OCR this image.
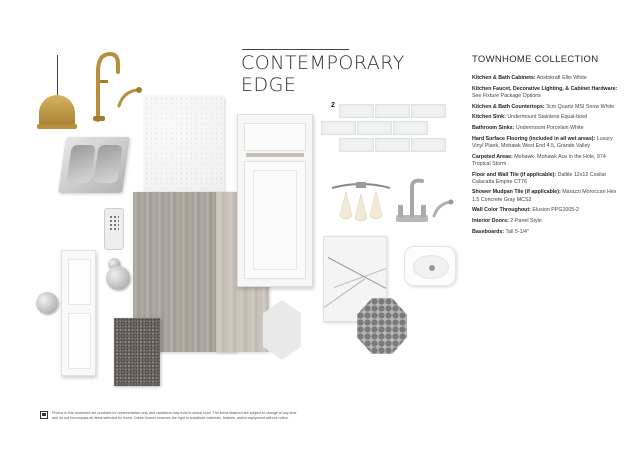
CONTEMPORARY
EDGE
2
TOWNHOME COLLECTION
Kitchen & Bath Cabinets: Aristokraft Ellis White
Kitchen Faucet, Decorative Lighting, & Cabinet Hardware: See Fixture Package Options
Kitchen & Bath Countertops: 3cm Quartz MSI Snow White
Kitchen Sink: Undermount Stainless Equal-bowl
Bathroom Sinks: Undermount Porcelain White
Hard Surface Flooring (included in all wet areas): Luxury Vinyl Plank, Mohawk West End 4.5, Grande Valley
Carpeted Areas: Mohawk- Mohawk Ace in the Hole, 974 Tropical Storm
Floor and Wall Tile (if applicable): Daltile 12x12 Cosilar Calacatta Empire CT76
Shower Mudpan Tile (if applicable): Marazzi Moroccan Hex 1.5 Concrete Gray MCS2
Wall Color Throughout: Elusion PPG1005-2
Interior Doors: 2-Panel Style
Baseboards: Tall 5-1/4"
Photos in this document are provided for representation only and variations may exist in actual color. The items featured are subject to change at any time and do not encompass all items selected for home. Drees Homes reserves the right to substitute materials, finishes, and/or equipment without notice.
